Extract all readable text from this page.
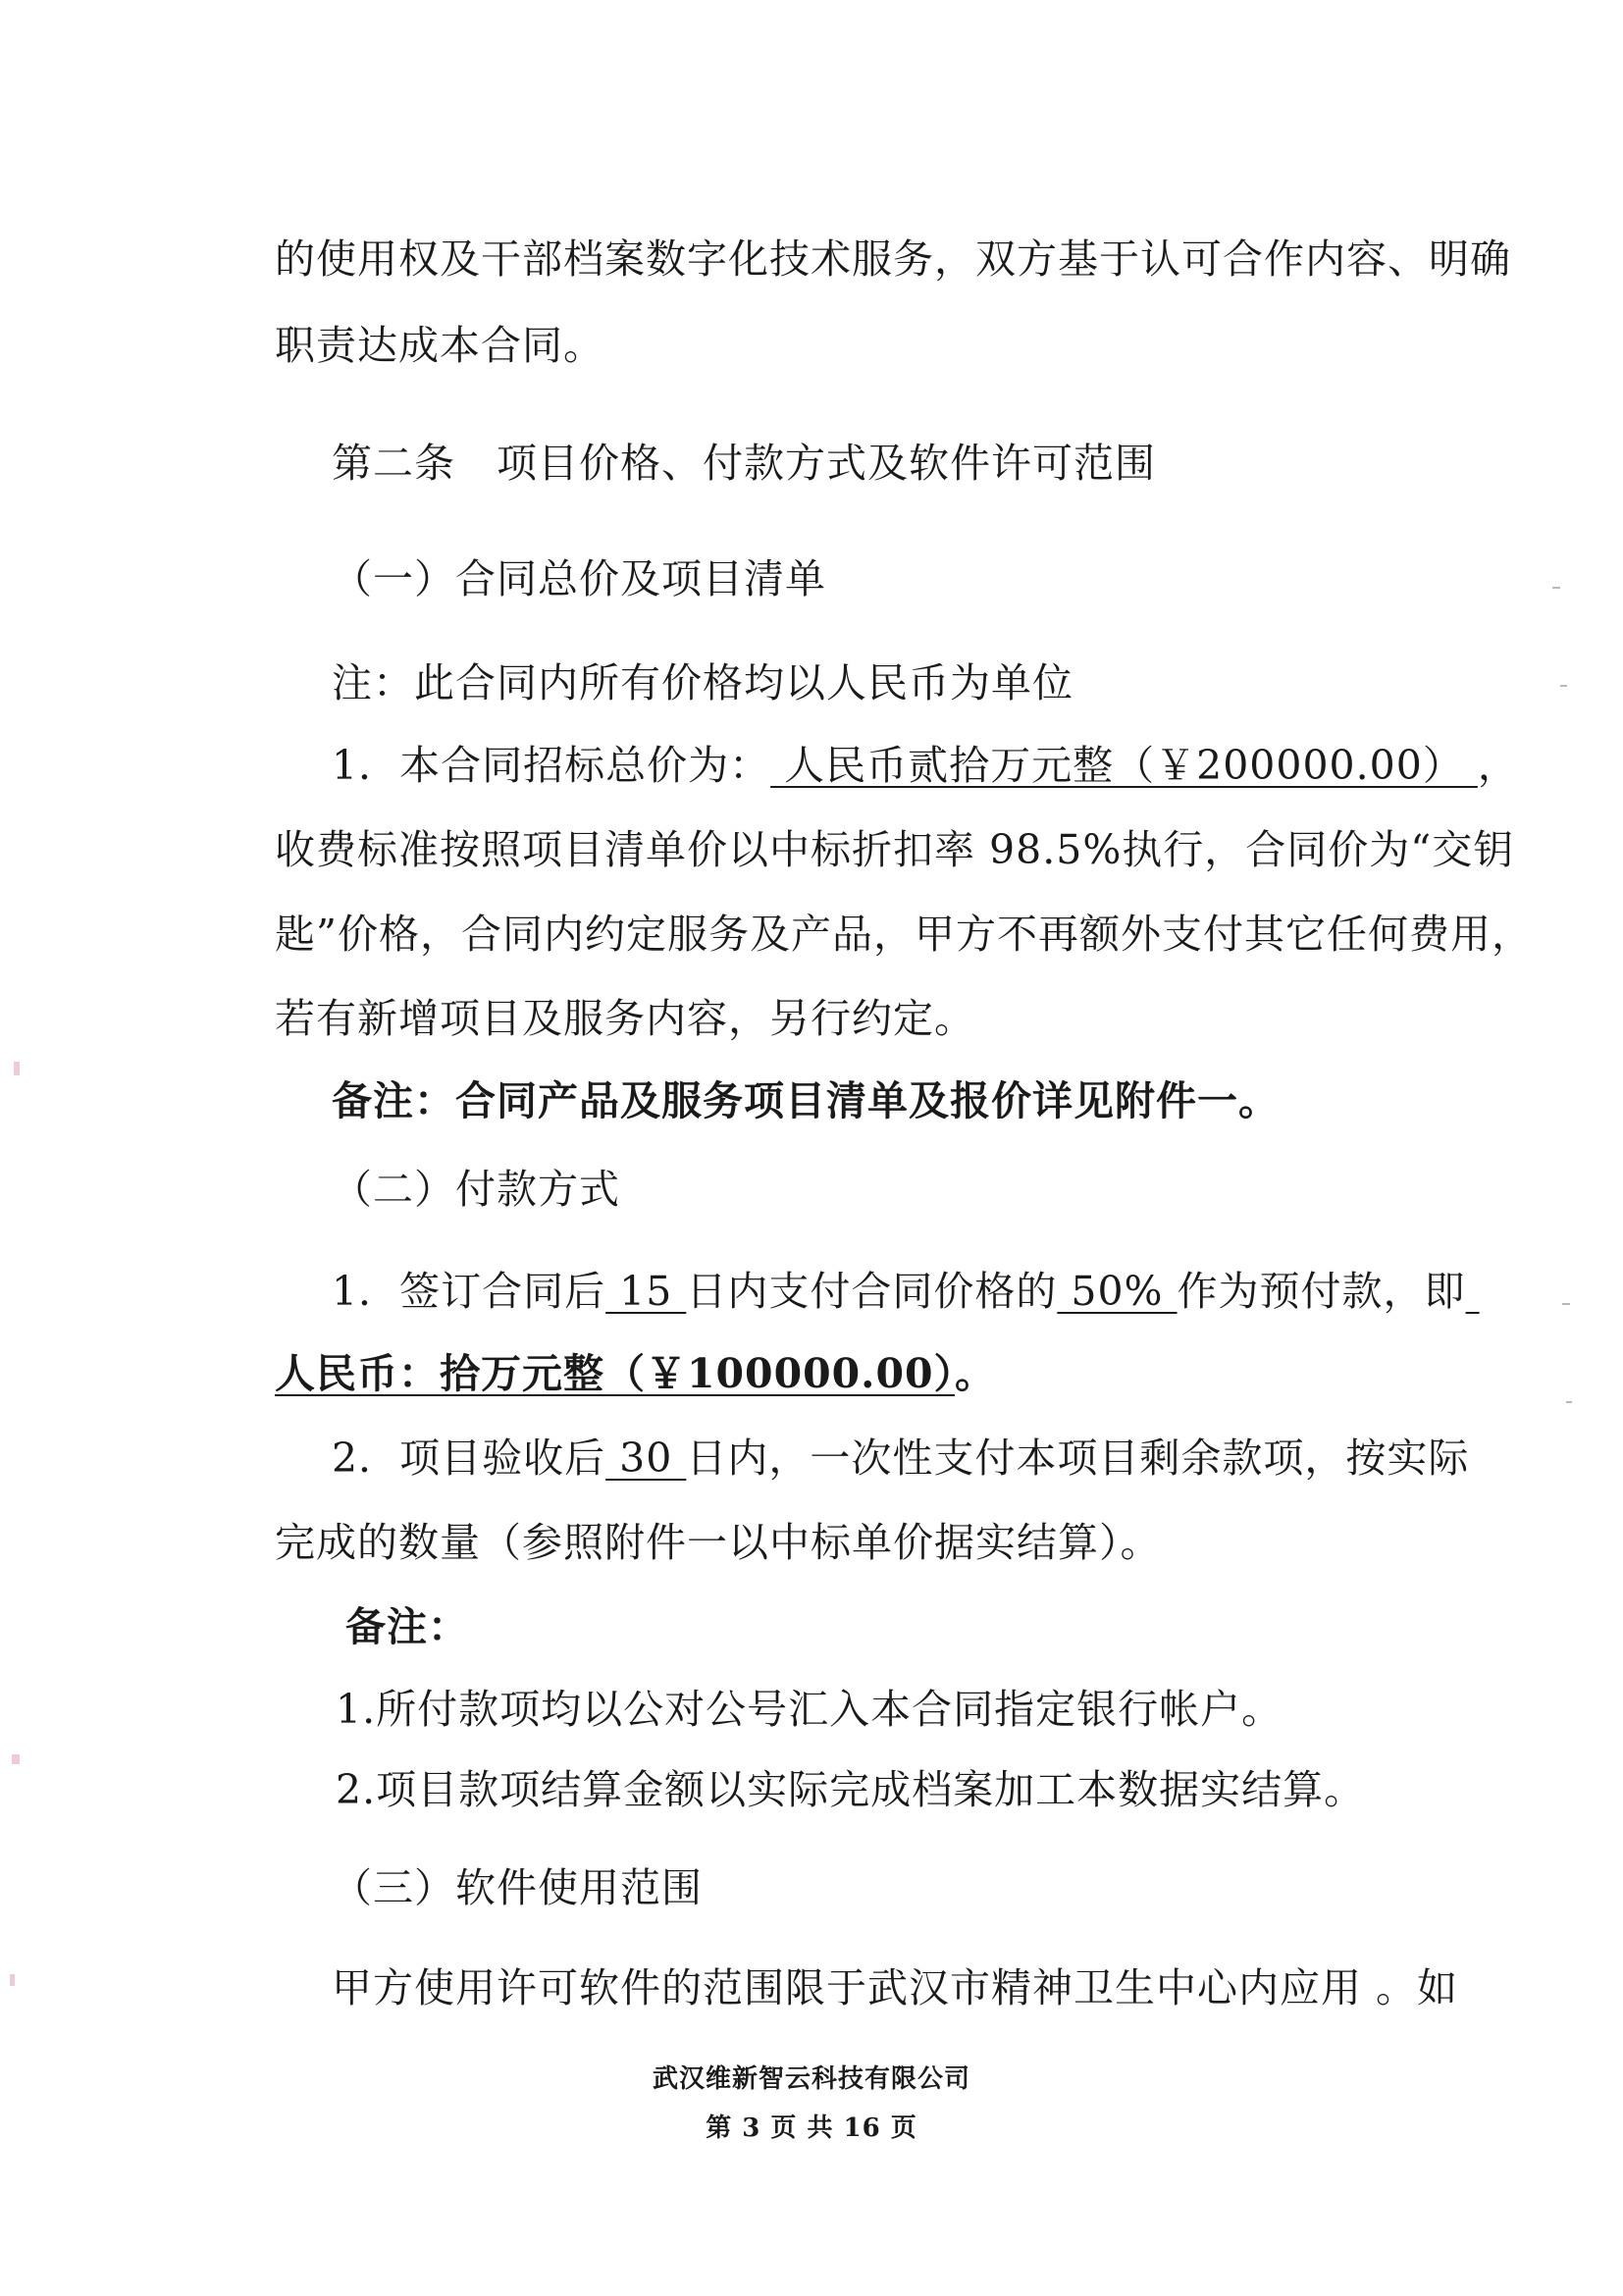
的使用权及干部档案数字化技术服务，双方基于认可合作内容、明确
职责达成本合同。
第二条　项目价格、付款方式及软件许可范围
（一）合同总价及项目清单
注：此合同内所有价格均以人民币为单位
1．本合同招标总价为： 人民币贰拾万元整（￥200000.00） ，
收费标准按照项目清单价以中标折扣率 98.5%执行，合同价为“交钥
匙”价格，合同内约定服务及产品，甲方不再额外支付其它任何费用，
若有新增项目及服务内容，另行约定。
备注：合同产品及服务项目清单及报价详见附件一。
（二）付款方式
1．签订合同后 15 日内支付合同价格的 50% 作为预付款，即
人民币：拾万元整（￥100000.00）。
2．项目验收后 30 日内，一次性支付本项目剩余款项，按实际
完成的数量（参照附件一以中标单价据实结算）。
备注：
1.所付款项均以公对公号汇入本合同指定银行帐户。
2.项目款项结算金额以实际完成档案加工本数据实结算。
（三）软件使用范围
甲方使用许可软件的范围限于武汉市精神卫生中心内应用 。如
武汉维新智云科技有限公司
第 3 页 共 16 页
